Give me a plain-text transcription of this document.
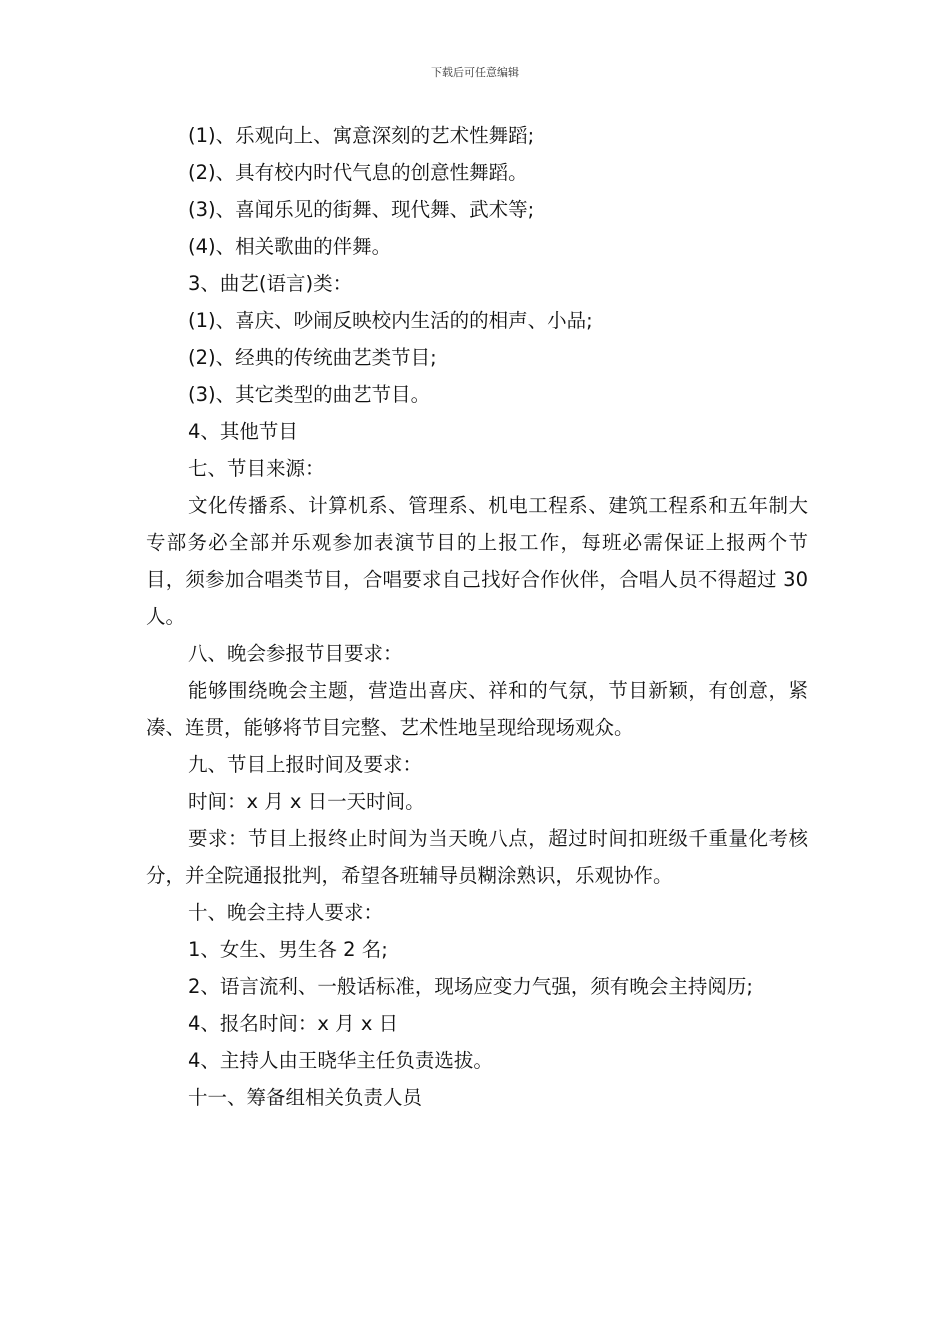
下载后可任意编辑

(1)、乐观向上、寓意深刻的艺术性舞蹈;

(2)、具有校内时代气息的创意性舞蹈。

(3)、喜闻乐见的街舞、现代舞、武术等;

(4)、相关歌曲的伴舞。

3、曲艺(语言)类：

(1)、喜庆、吵闹反映校内生活的的相声、小品;

(2)、经典的传统曲艺类节目;

(3)、其它类型的曲艺节目。

4、其他节目

七、节目来源：

文化传播系、计算机系、管理系、机电工程系、建筑工程系和五年制大专部务必全部并乐观参加表演节目的上报工作，每班必需保证上报两个节目，须参加合唱类节目，合唱要求自己找好合作伙伴，合唱人员不得超过 30 人。

八、晚会参报节目要求：

能够围绕晚会主题，营造出喜庆、祥和的气氛，节目新颖，有创意，紧凑、连贯，能够将节目完整、艺术性地呈现给现场观众。

九、节目上报时间及要求：

时间：x 月 x 日一天时间。

要求：节目上报终止时间为当天晚八点，超过时间扣班级千重量化考核分，并全院通报批判，希望各班辅导员糊涂熟识，乐观协作。

十、晚会主持人要求：

1、女生、男生各 2 名;

2、语言流利、一般话标准，现场应变力气强，须有晚会主持阅历;

4、报名时间：x 月 x 日

4、主持人由王晓华主任负责选拔。

十一、筹备组相关负责人员
